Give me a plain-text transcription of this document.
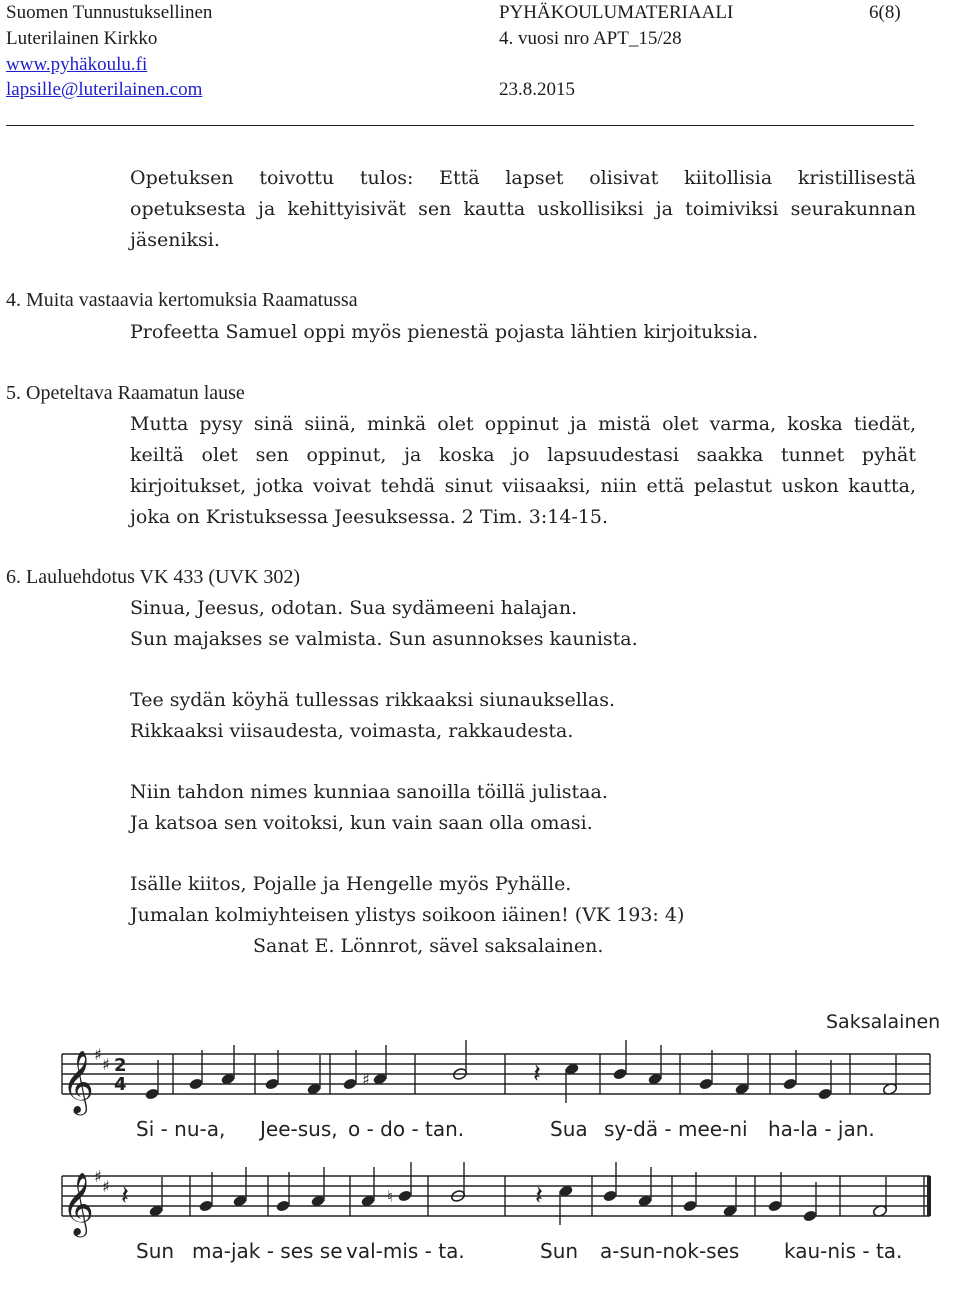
Suomen Tunnustuksellinen
Luterilainen Kirkko
www.pyhäkoulu.fi
lapsille@luterilainen.com
PYHÄKOULUMATERIAALI
4. vuosi nro APT_15/28
23.8.2015
6(8)
Opetuksen toivottu tulos: Että lapset olisivat kiitollisia kristillisestä
opetuksesta ja kehittyisivät sen kautta uskollisiksi ja toimiviksi seurakunnan
jäseniksi.
4. Muita vastaavia kertomuksia Raamatussa
Profeetta Samuel oppi myös pienestä pojasta lähtien kirjoituksia.
5. Opeteltava Raamatun lause
Mutta pysy sinä siinä, minkä olet oppinut ja mistä olet varma, koska tiedät,
keiltä olet sen oppinut, ja koska jo lapsuudestasi saakka tunnet pyhät
kirjoitukset, jotka voivat tehdä sinut viisaaksi, niin että pelastut uskon kautta,
joka on Kristuksessa Jeesuksessa. 2 Tim. 3:14-15.
6. Lauluehdotus VK 433 (UVK 302)
Sinua, Jeesus, odotan. Sua sydämeeni halajan.
Sun majakses se valmista. Sun asunnokses kaunista.
Tee sydän köyhä tullessas rikkaaksi siunauksellas.
Rikkaaksi viisaudesta, voimasta, rakkaudesta.
Niin tahdon nimes kunniaa sanoilla töillä julistaa.
Ja katsoa sen voitoksi, kun vain saan olla omasi.
Isälle kiitos, Pojalle ja Hengelle myös Pyhälle.
Jumalan kolmiyhteisen ylistys soikoon iäinen! (VK 193: 4)
Sanat E. Lönnrot, sävel saksalainen.
Saksalainen
𝄞 ♯
♯ 2
4	♯	𝄽
Si - nu-a, Jee-sus, o - do - tan.	Sua sy-dä - mee-ni ha-la - jan.
𝄞 ♯
♯ 𝄽	♮	𝄽
Sun ma-jak - ses se val-mis - ta.	Sun a-sun-nok-ses kau-nis - ta.
